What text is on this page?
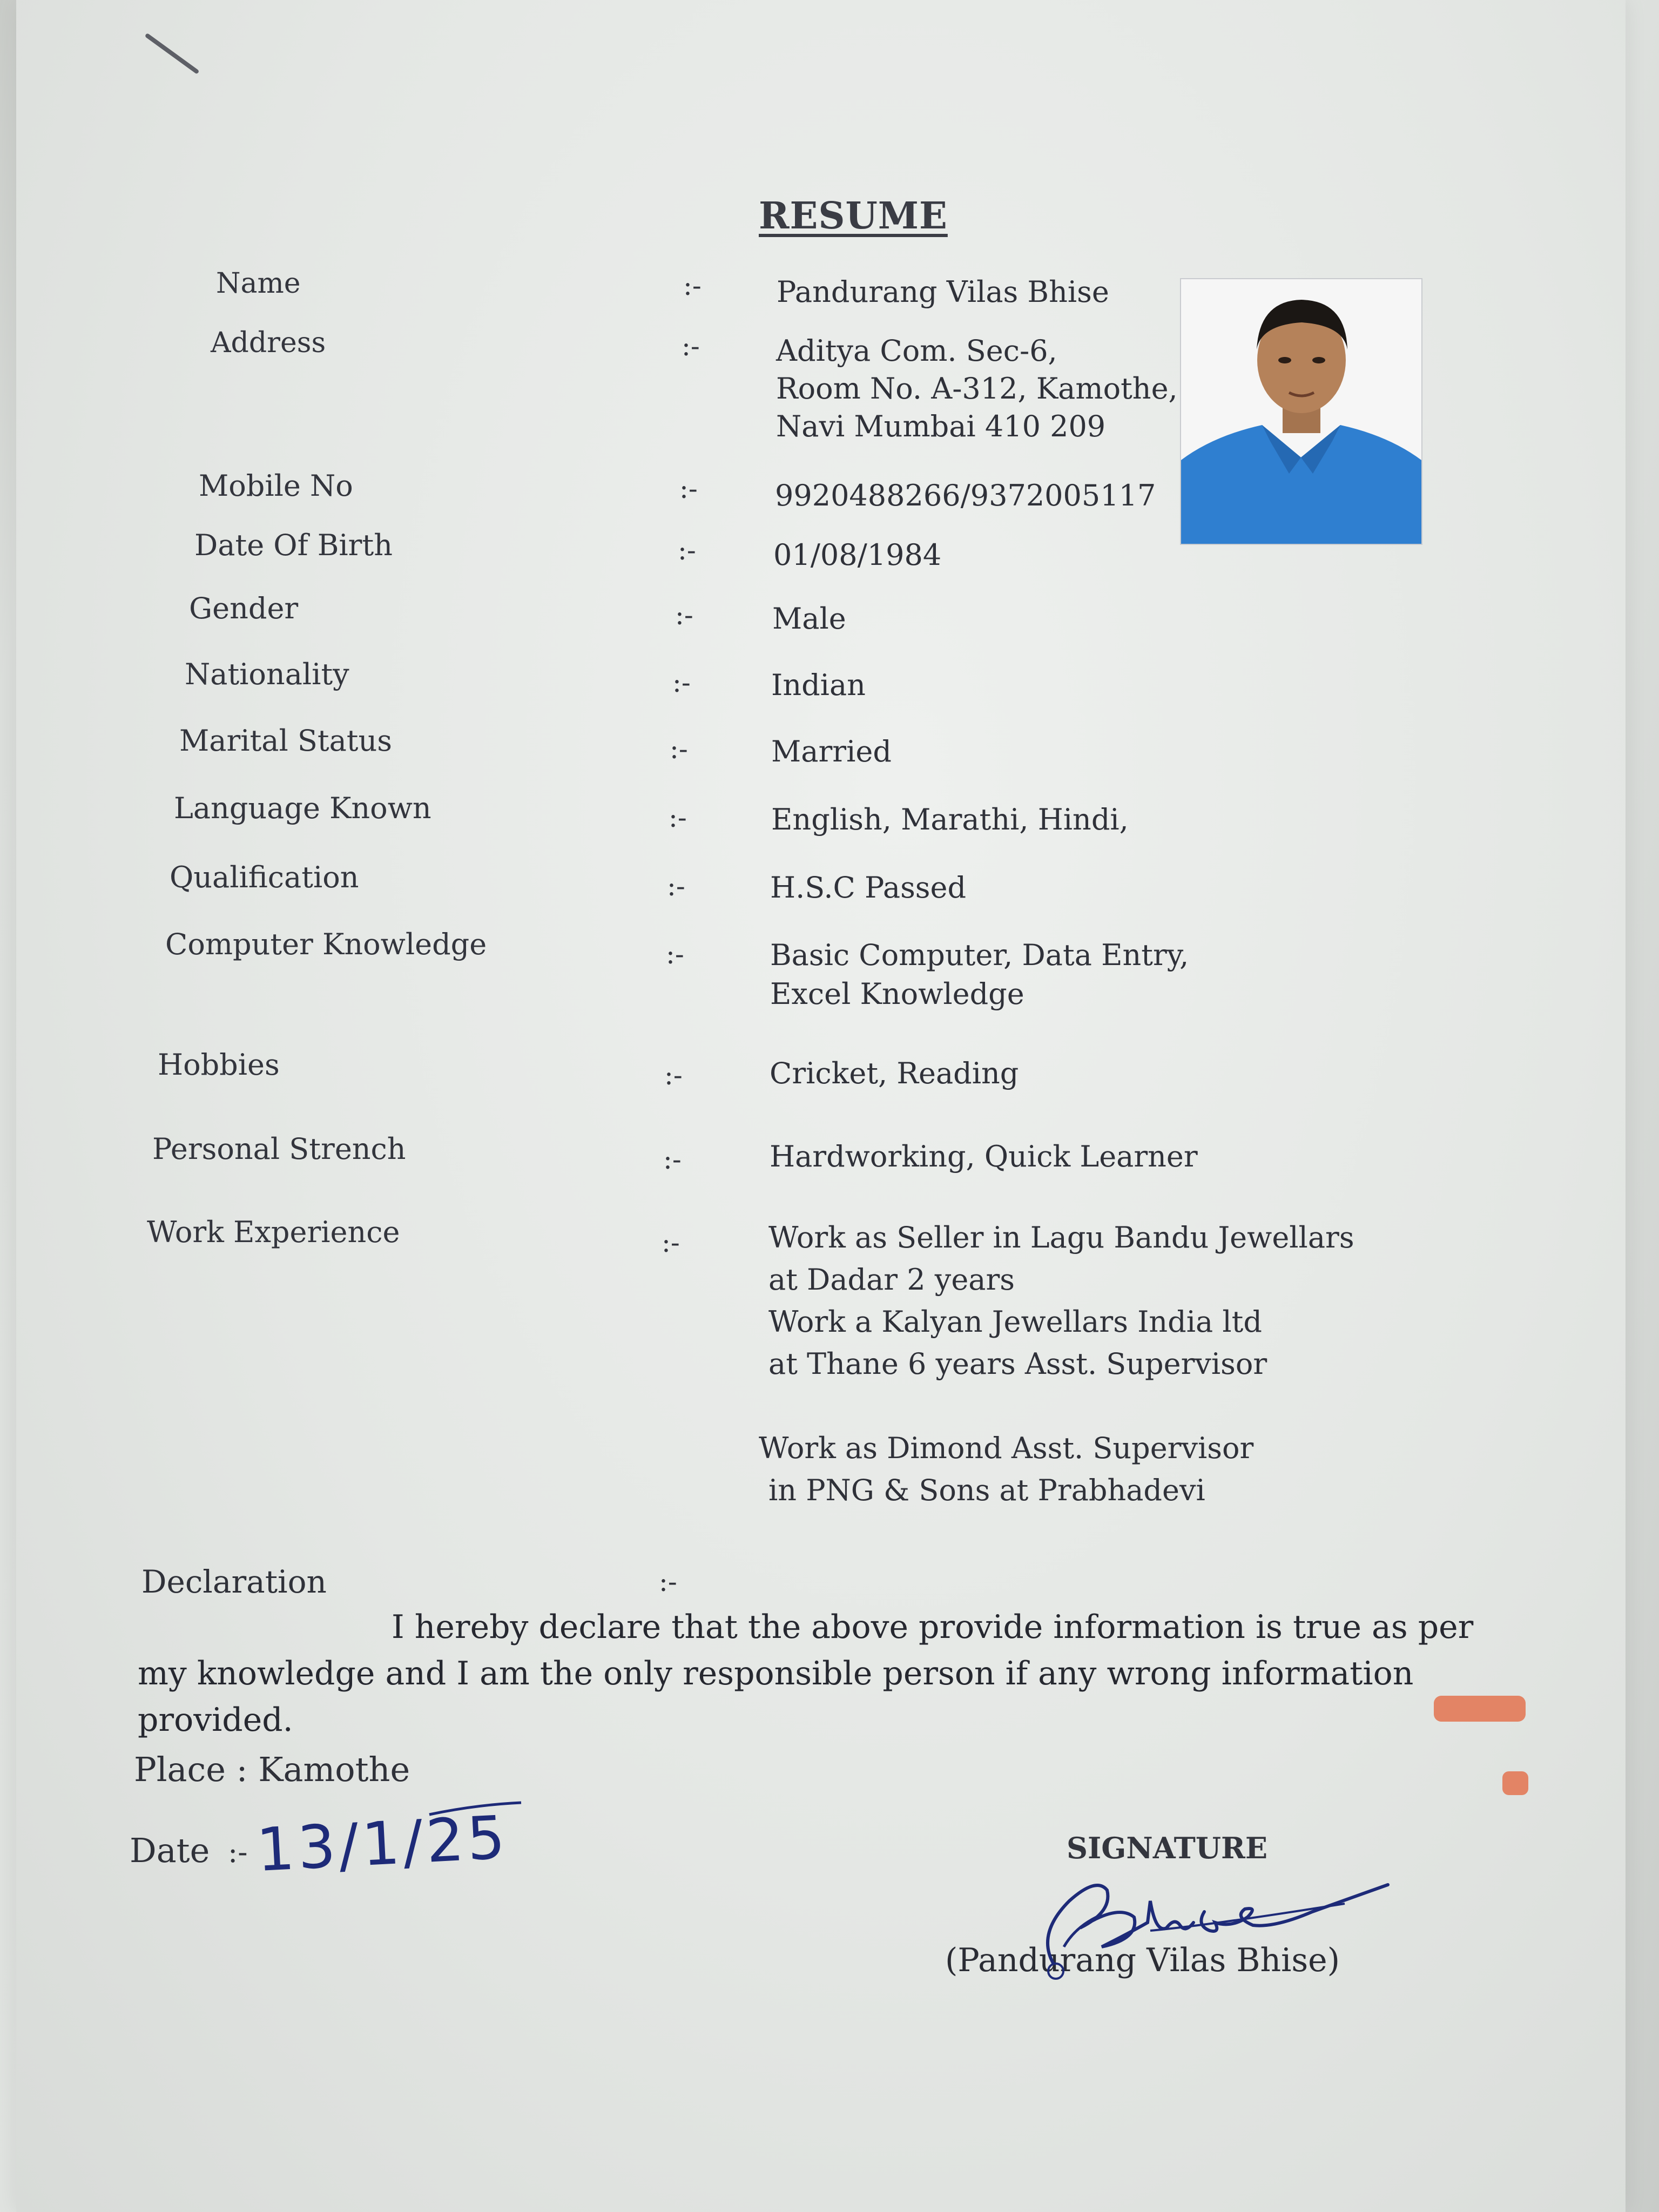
RESUME
Name	:-	Pandurang Vilas Bhise
Address	:-	Aditya Com. Sec-6,
Room No. A-312, Kamothe,
Navi Mumbai 410 209
Mobile No	:-	9920488266/9372005117
Date Of Birth	:-	01/08/1984
Gender	:-	Male
Nationality	:-	Indian
Marital Status	:-	Married
Language Known	:-	English, Marathi, Hindi,
Qualification	:-	H.S.C Passed
Computer Knowledge	:-	Basic Computer, Data Entry,
Excel Knowledge
Hobbies	:-	Cricket, Reading
Personal Strench	:-	Hardworking, Quick Learner
Work Experience	:-	Work as Seller in Lagu Bandu Jewellars
at Dadar 2 years
Work a Kalyan Jewellars India ltd
at Thane 6 years Asst. Supervisor
Work as Dimond Asst. Supervisor
in PNG & Sons at Prabhadevi
Declaration	:-
I hereby declare that the above provide information is true as per my knowledge and I am the only responsible person if any wrong information provided.
Place : Kamothe
Date :- 13/1/25	SIGNATURE
(Pandurang Vilas Bhise)
